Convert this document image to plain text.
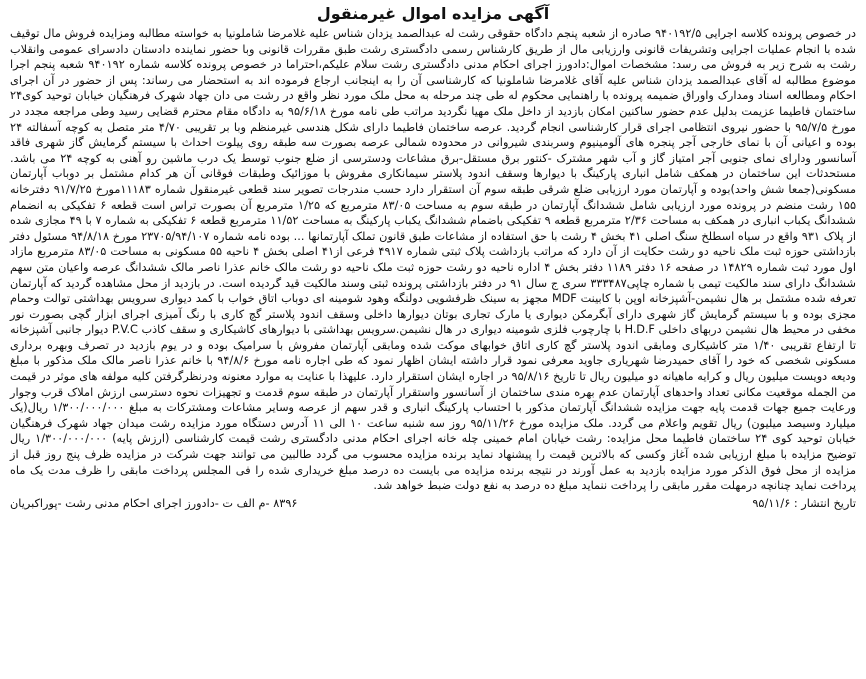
آگهی مزایده اموال غیرمنقول

در خصوص پرونده کلاسه اجرایی ۹۴۰۱۹۲/۵ صادره از شعبه پنجم دادگاه حقوقی رشت له عبدالصمد یزدان شناس علیه غلامرضا شاملونیا به خواسته مطالبه ومزایده فروش مال توقیف شده با انجام عملیات اجرایی وتشریفات قانونی وارزیابی مال از طریق کارشناس رسمی دادگستری رشت طبق مقررات قانونی وبا حضور نماینده دادستان دادسرای عمومی وانقلاب رشت به شرح زیر به فروش می رسد: مشخصات اموال:دادورز اجرای احکام مدنی دادگستری رشت سلام علیکم،احتراما در خصوص پرونده کلاسه شماره ۹۴۰۱۹۲ شعبه پنجم اجرا موضوع مطالبه له آقای عبدالصمد یزدان شناس علیه آقای غلامرضا شاملونیا که کارشناسی آن را به اینجانب ارجاع فرموده اند به استحضار می رساند: پس از حضور در آن اجرای احکام ومطالعه اسناد ومدارک واوراق ضمیمه پرونده با راهنمایی محکوم له طی چند مرحله به محل ملک مورد نظر واقع در رشت می دان جهاد شهرک فرهنگیان خیابان توحید کوی۲۴ ساختمان فاطیما عزیمت بدلیل عدم حضور ساکنین امکان بازدید از داخل ملک مهیا نگردید مراتب طی نامه مورخ ۹۵/۶/۱۸ به دادگاه مقام محترم قضایی رسید وطی مراجعه مجدد در مورخ ۹۵/۷/۵ با حضور نیروی انتظامی اجرای قرار کارشناسی انجام گردید. عرصه ساختمان فاطیما دارای شکل هندسی غیرمنظم وبا بر تقریبی ۴/۷۰ متر متصل به کوچه آسفالته ۲۴ بوده و اعیانی آن با نمای خارجی آجر پنجره های آلومینیوم وسربندی شیروانی در محدوده شمالی عرصه بصورت سه طبقه روی پیلوت احداث با سیستم گرمایش گاز شهری فاقد آسانسور ودارای نمای جنوبی آجر امتیاز گاز و آب شهر مشترک -کنتور برق مستقل-برق مشاعات ودسترسی از ضلع جنوب توسط یک درب ماشین رو آهنی به کوچه ۲۴ می باشد. مستحدثات این ساختمان در همکف شامل انباری پارکینگ با دیوارها وسقف اندود پلاستر سیمانکاری مفروش با موزائیک وطبقات فوقانی آن هر کدام مشتمل بر دوباب آپارتمان مسکونی(جمعا شش واحد)بوده و آپارتمان مورد ارزیابی ضلع شرقی طبقه سوم آن استقرار دارد حسب مندرجات تصویر سند قطعی غیرمنقول شماره ۱۱۱۸۳مورخ ۹۱/۷/۲۵ دفترخانه ۱۵۵ رشت منضم در پرونده مورد ارزیابی شامل ششدانگ آپارتمان در طبقه سوم به مساحت ۸۳/۰۵ مترمربع که ۱/۲۵ مترمربع آن بصورت تراس است قطعه ۶ تفکیکی به انضمام ششدانگ یکباب انباری در همکف به مساحت ۲/۳۶ مترمربع قطعه ۹ تفکیکی باضمام ششدانگ یکباب پارکینگ به مساحت ۱۱/۵۲ مترمربع قطعه ۶ تفکیکی به شماره ۷ با ۴۹ مجازی شده از پلاک ۹۳۱ واقع در سیاه اسطلخ سنگ اصلی ۴۱ بخش ۴ رشت با حق استفاده از مشاعات طبق قانون تملک آپارتمانها ... بوده نامه شماره ۲۳۷۰۵/۹۴/۱۰۷ مورخ ۹۴/۸/۱۸ مسئول دفتر بازداشتی حوزه ثبت ملک ناحیه دو رشت حکایت از آن دارد که مراتب بازداشت پلاک ثبتی شماره ۴۹۱۷ فرعی از۴۱ اصلی بخش ۴ ناحیه ۵۵ مسکونی به مساحت ۸۳/۰۵ مترمربع مازاد اول مورد ثبت شماره ۱۴۸۲۹ در صفحه ۱۶ دفتر ۱۱۸۹ دفتر بخش ۴ اداره ناحیه دو رشت حوزه ثبت ملک ناحیه دو رشت مالک خانم عذرا ناصر مالک ششدانگ عرصه واعیان متن سهم ششدانگ دارای سند مالکیت تیمی با شماره چاپی۳۳۳۴۸۷ سری ج سال ۹۱ در دفتر بازداشتی پرونده ثبتی وسند مالکیت قید گردیده است. در بازدید از محل مشاهده گردید که آپارتمان تعرفه شده مشتمل بر هال نشیمن-آشپزخانه اوپن با کابینت MDF مجهز به سینک ظرفشویی دولنگه وهود شومینه ای دوباب اتاق خواب با کمد دیواری سرویس بهداشتی توالت وحمام مجزی بوده و با سیستم گرمایش گاز شهری دارای آبگرمکن دیواری یا مارک تجاری بوتان دیوارها داخلی وسقف اندود پلاستر گچ کاری با رنگ آمیزی اجرای ابزار گچی بصورت نور مخفی در محیط هال نشیمن دربهای داخلی H.D.F با چارچوب فلزی شومینه دیواری در هال نشیمن.سرویس بهداشتی با دیوارهای کاشیکاری و سقف کاذب P.V.C دیوار جانبی آشپزخانه تا ارتفاع تقریبی ۱/۴۰ متر کاشیکاری ومابقی اندود پلاستر گچ کاری اتاق خوابهای موکت شده ومابقی آپارتمان مفروش با سرامیک بوده و در یوم بازدید در تصرف وبهره برداری مسکونی شخصی که خود را آقای حمیدرضا شهریاری جاوید معرفی نمود قرار داشته ایشان اظهار نمود که طی اجاره نامه مورخ ۹۴/۸/۶ با خانم عذرا ناصر مالک ملک مذکور با مبلغ ودیعه دویست میلیون ریال و کرایه ماهیانه دو میلیون ریال تا تاریخ ۹۵/۸/۱۶ در اجاره ایشان استقرار دارد. علیهذا با عنایت به موارد معنونه ودرنظرگرفتن کلیه مولفه های موثر در قیمت من الجمله موقعیت مکانی تعداد واحدهای آپارتمان عدم بهره مندی ساختمان از آسانسور واستقرار آپارتمان در طبقه سوم قدمت و تجهیزات نحوه دسترسی ارزش املاک قرب وجوار ورعایت جمیع جهات قدمت پایه جهت مزایده ششدانگ آپارتمان مذکور با احتساب پارکینگ انباری و قدر سهم از عرصه وسایر مشاعات ومشترکات به مبلغ ۱/۳۰۰/۰۰۰/۰۰۰ ریال(یک میلیارد وسیصد میلیون) ریال تقویم واعلام می گردد. ملک مزایده مورخ ۹۵/۱۱/۲۶ روز سه شنبه ساعت ۱۰ الی ۱۱ آدرس دستگاه مورد مزایده رشت میدان جهاد شهرک فرهنگیان خیابان توحید کوی ۲۴ ساختمان فاطیما محل مزایده: رشت خیابان امام خمینی چله خانه اجرای احکام مدنی دادگستری رشت قیمت کارشناسی (ارزش پایه) ۱/۳۰۰/۰۰۰/۰۰۰ ریال توضیح مزایده با مبلغ ارزیابی شده آغاز وکسی که بالاترین قیمت را پیشنهاد نماید برنده مزایده محسوب می گردد طالبین می توانند جهت شرکت در مزایده ظرف پنج روز قبل از مزایده از محل فوق الذکر مورد مزایده بازدید به عمل آورند در نتیجه برنده مزایده می بایست ده درصد مبلغ خریداری شده را فی المجلس پرداخت مابقی را ظرف مدت یک ماه پرداخت نماید چنانچه درمهلت مقرر مابقی را پرداخت ننماید مبلغ ده درصد به نفع دولت ضبط خواهد شد.

تاریخ انتشار : ۹۵/۱۱/۶
۸۳۹۶ -م الف ت -دادورز اجرای احکام مدنی رشت -پوراکبریان
